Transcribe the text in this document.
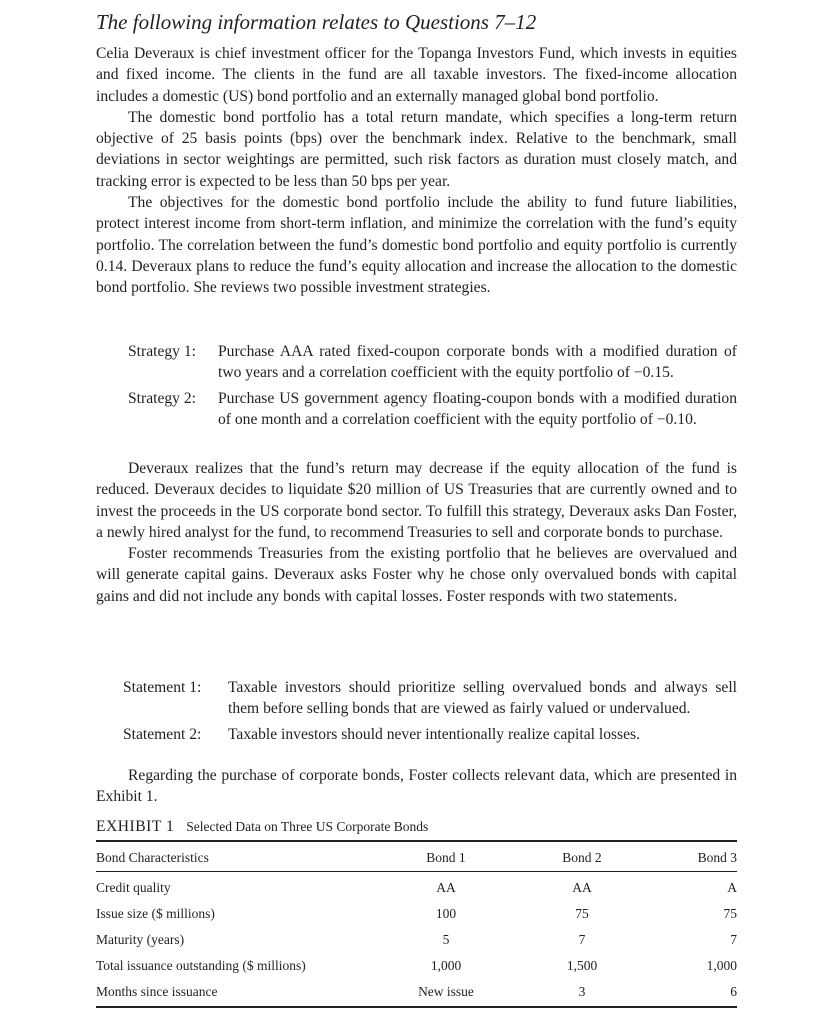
The following information relates to Questions 7–12

Celia Deveraux is chief investment officer for the Topanga Investors Fund, which invests in equities and fixed income. The clients in the fund are all taxable investors. The fixed-income allocation includes a domestic (US) bond portfolio and an externally managed global bond portfolio.

The domestic bond portfolio has a total return mandate, which specifies a long-term return objective of 25 basis points (bps) over the benchmark index. Relative to the benchmark, small deviations in sector weightings are permitted, such risk factors as duration must closely match, and tracking error is expected to be less than 50 bps per year.

The objectives for the domestic bond portfolio include the ability to fund future liabilities, protect interest income from short-term inflation, and minimize the correlation with the fund’s equity portfolio. The correlation between the fund’s domestic bond portfolio and equity portfolio is currently 0.14. Deveraux plans to reduce the fund’s equity allocation and increase the allocation to the domestic bond portfolio. She reviews two possible investment strategies.

Strategy 1:	Purchase AAA rated fixed-coupon corporate bonds with a modified duration of two years and a correlation coefficient with the equity portfolio of −0.15.
Strategy 2:	Purchase US government agency floating-coupon bonds with a modified duration of one month and a correlation coefficient with the equity portfolio of −0.10.

Deveraux realizes that the fund’s return may decrease if the equity allocation of the fund is reduced. Deveraux decides to liquidate $20 million of US Treasuries that are currently owned and to invest the proceeds in the US corporate bond sector. To fulfill this strategy, Deveraux asks Dan Foster, a newly hired analyst for the fund, to recommend Treasuries to sell and corporate bonds to purchase.

Foster recommends Treasuries from the existing portfolio that he believes are overvalued and will generate capital gains. Deveraux asks Foster why he chose only overvalued bonds with capital gains and did not include any bonds with capital losses. Foster responds with two statements.

Statement 1:	Taxable investors should prioritize selling overvalued bonds and always sell them before selling bonds that are viewed as fairly valued or undervalued.
Statement 2:	Taxable investors should never intentionally realize capital losses.

Regarding the purchase of corporate bonds, Foster collects relevant data, which are presented in Exhibit 1.

EXHIBIT 1 Selected Data on Three US Corporate Bonds
Bond Characteristics	Bond 1	Bond 2	Bond 3
Credit quality	AA	AA	A
Issue size ($ millions)	100	75	75
Maturity (years)	5	7	7
Total issuance outstanding ($ millions)	1,000	1,500	1,000
Months since issuance	New issue	3	6
